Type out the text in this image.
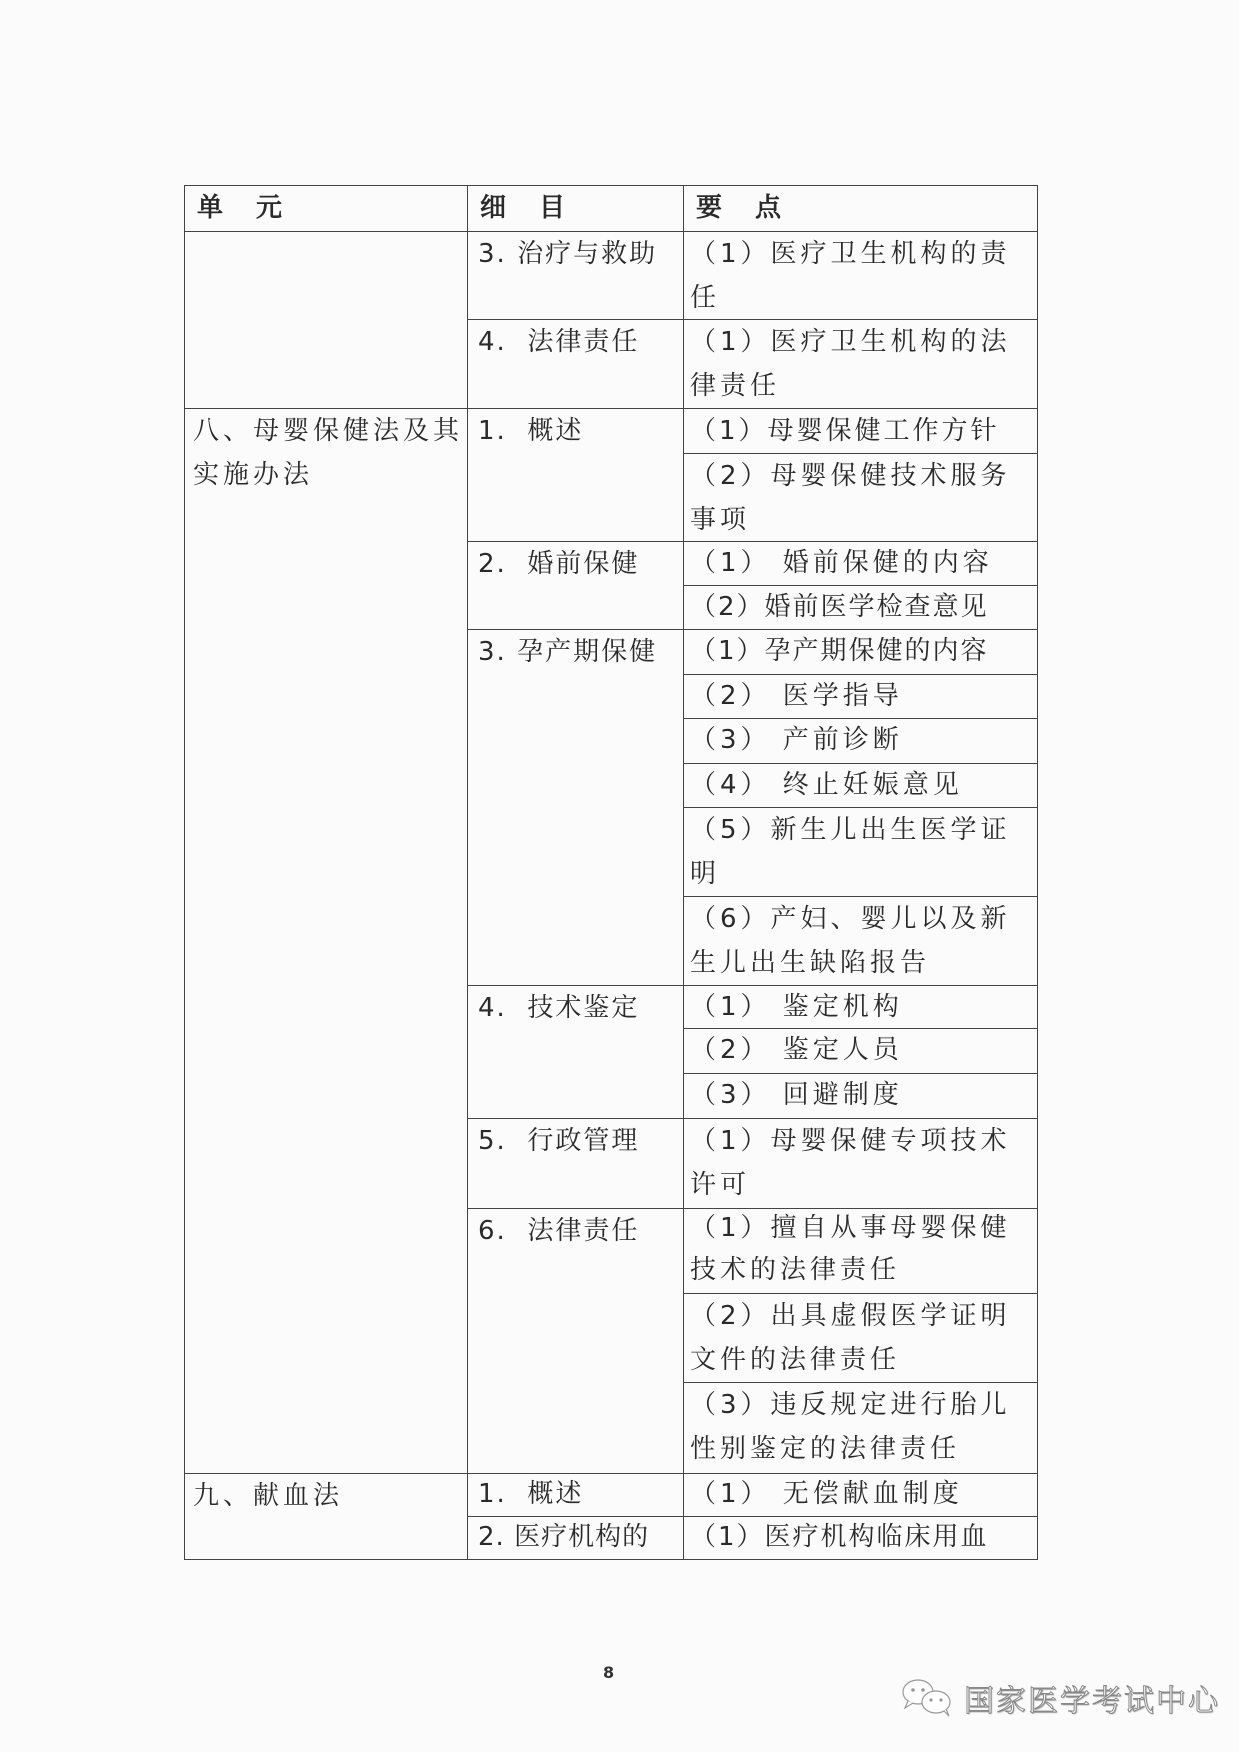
单 元	细 目	要 点
八、母婴保健法及其实施办法
九、献血法
3. 治疗与救助
4.  法律责任
1.  概述
2.  婚前保健
3. 孕产期保健
4.  技术鉴定
5.  行政管理
6.  法律责任
1.  概述
2. 医疗机构的
（1）医疗卫生机构的责任
（1）医疗卫生机构的法律责任
（1）母婴保健工作方针
（2）母婴保健技术服务事项
（1） 婚前保健的内容
（2）婚前医学检查意见
（1）孕产期保健的内容
（2） 医学指导
（3） 产前诊断
（4） 终止妊娠意见
（5）新生儿出生医学证明
（6）产妇、婴儿以及新生儿出生缺陷报告
（1） 鉴定机构
（2） 鉴定人员
（3） 回避制度
（1）母婴保健专项技术许可
（1）擅自从事母婴保健技术的法律责任
（2）出具虚假医学证明文件的法律责任
（3）违反规定进行胎儿性别鉴定的法律责任
（1） 无偿献血制度
（1）医疗机构临床用血
8
国家医学考试中心
